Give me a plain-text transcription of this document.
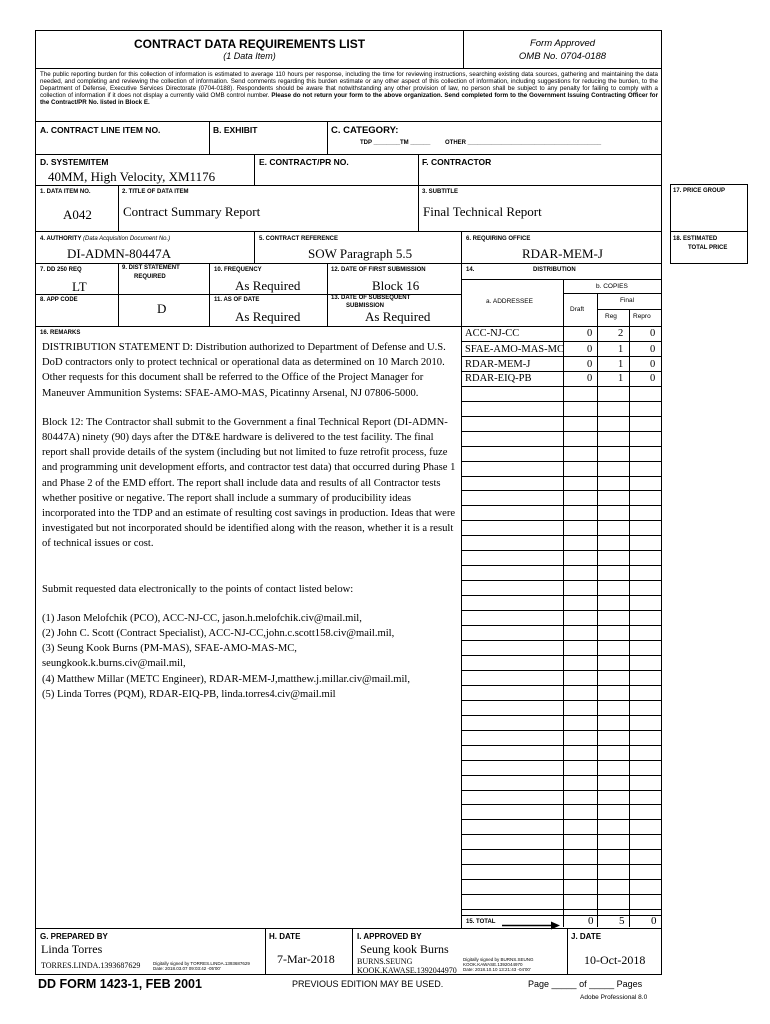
CONTRACT DATA REQUIREMENTS LIST
(1 Data Item)
Form Approved
OMB No. 0704-0188
The public reporting burden for this collection of information is estimated to average 110 hours per response, including the time for reviewing instructions, searching existing data sources, gathering and maintaining the data needed, and completing and reviewing the collection of information. Send comments regarding this burden estimate or any other aspect of this collection of information, including suggestions for reducing the burden, to the Department of Defense, Executive Services Directorate (0704-0188). Respondents should be aware that notwithstanding any other provision of law, no person shall be subject to any penalty for failing to comply with a collection of information if it does not display a currently valid OMB control number. Please do not return your form to the above organization. Send completed form to the Government Issuing Contracting Officer for the Contract/PR No. listed in Block E.
A. CONTRACT LINE ITEM NO.	B. EXHIBIT	C. CATEGORY:
TDP ________ TM ______ OTHER ________________________________________
D. SYSTEM/ITEM
40MM, High Velocity, XM1176
E. CONTRACT/PR NO.	F. CONTRACTOR
1. DATA ITEM NO.
A042
2. TITLE OF DATA ITEM
Contract Summary Report
3. SUBTITLE
Final Technical Report
17. PRICE GROUP
18. ESTIMATED
TOTAL PRICE
4. AUTHORITY (Data Acquisition Document No.)
DI-ADMN-80447A
5. CONTRACT REFERENCE
SOW Paragraph 5.5
6. REQUIRING OFFICE
RDAR-MEM-J
7. DD 250 REQ
LT
9. DIST STATEMENT
REQUIRED
D
10. FREQUENCY
As Required
12. DATE OF FIRST SUBMISSION
Block 16
14.	DISTRIBUTION
8. APP CODE	11. AS OF DATE
As Required
13. DATE OF SUBSEQUENT
SUBMISSION
As Required
a. ADDRESSEE
b. COPIES
Draft
Final
Reg Repro
16. REMARKS

DISTRIBUTION STATEMENT D: Distribution authorized to Department of Defense and U.S. DoD contractors only to protect technical or operational data as determined on 10 March 2010. Other requests for this document shall be referred to the Office of the Project Manager for Maneuver Ammunition Systems: SFAE-AMO-MAS, Picatinny Arsenal, NJ 07806-5000.

Block 12: The Contractor shall submit to the Government a final Technical Report (DI-ADMN-80447A) ninety (90) days after the DT&E hardware is delivered to the test facility. The final report shall provide details of the system (including but not limited to fuze retrofit process, fuze and programming unit development efforts, and contractor test data) that occurred during Phase 1 and Phase 2 of the EMD effort. The report shall include data and results of all Contractor tests whether positive or negative. The report shall include a summary of producibility ideas incorporated into the TDP and an estimate of resulting cost savings in production. Ideas that were investigated but not incorporated should be identified along with the reason, whether it is a result of technical issues or cost.

Submit requested data electronically to the points of contact listed below:

(1) Jason Melofchik (PCO), ACC-NJ-CC, jason.h.melofchik.civ@mail.mil,
(2) John C. Scott (Contract Specialist), ACC-NJ-CC,john.c.scott158.civ@mail.mil,
(3) Seung Kook Burns (PM-MAS), SFAE-AMO-MAS-MC,
seungkook.k.burns.civ@mail.mil,
(4) Matthew Millar (METC Engineer), RDAR-MEM-J,matthew.j.millar.civ@mail.mil,
(5) Linda Torres (PQM), RDAR-EIQ-PB, linda.torres4.civ@mail.mil
ACC-NJ-CC	0 2	0
SFAE-AMO-MAS-MC 0 1	0
RDAR-MEM-J	0 1	0
RDAR-EIQ-PB	0 1	0
15. TOTAL	0 5 0
G. PREPARED BY
Linda Torres
TORRES.LINDA.1393687629	Digitally signed by TORRES.LINDA.1393687629
Date: 2018.03.07 09:03:42 -05'00'
H. DATE
7-Mar-2018
I. APPROVED BY
Seung kook Burns
BURNS.SEUNG
KOOK.KAWASE.1392044970
Digitally signed by BURNS.SEUNG
KOOK.KAWASE.1392044970
Date: 2018.10.10 13:21:43 -04'00'
J. DATE
10-Oct-2018
DD FORM 1423-1, FEB 2001	PREVIOUS EDITION MAY BE USED.	Page _____ of _____ Pages
Adobe Professional 8.0
